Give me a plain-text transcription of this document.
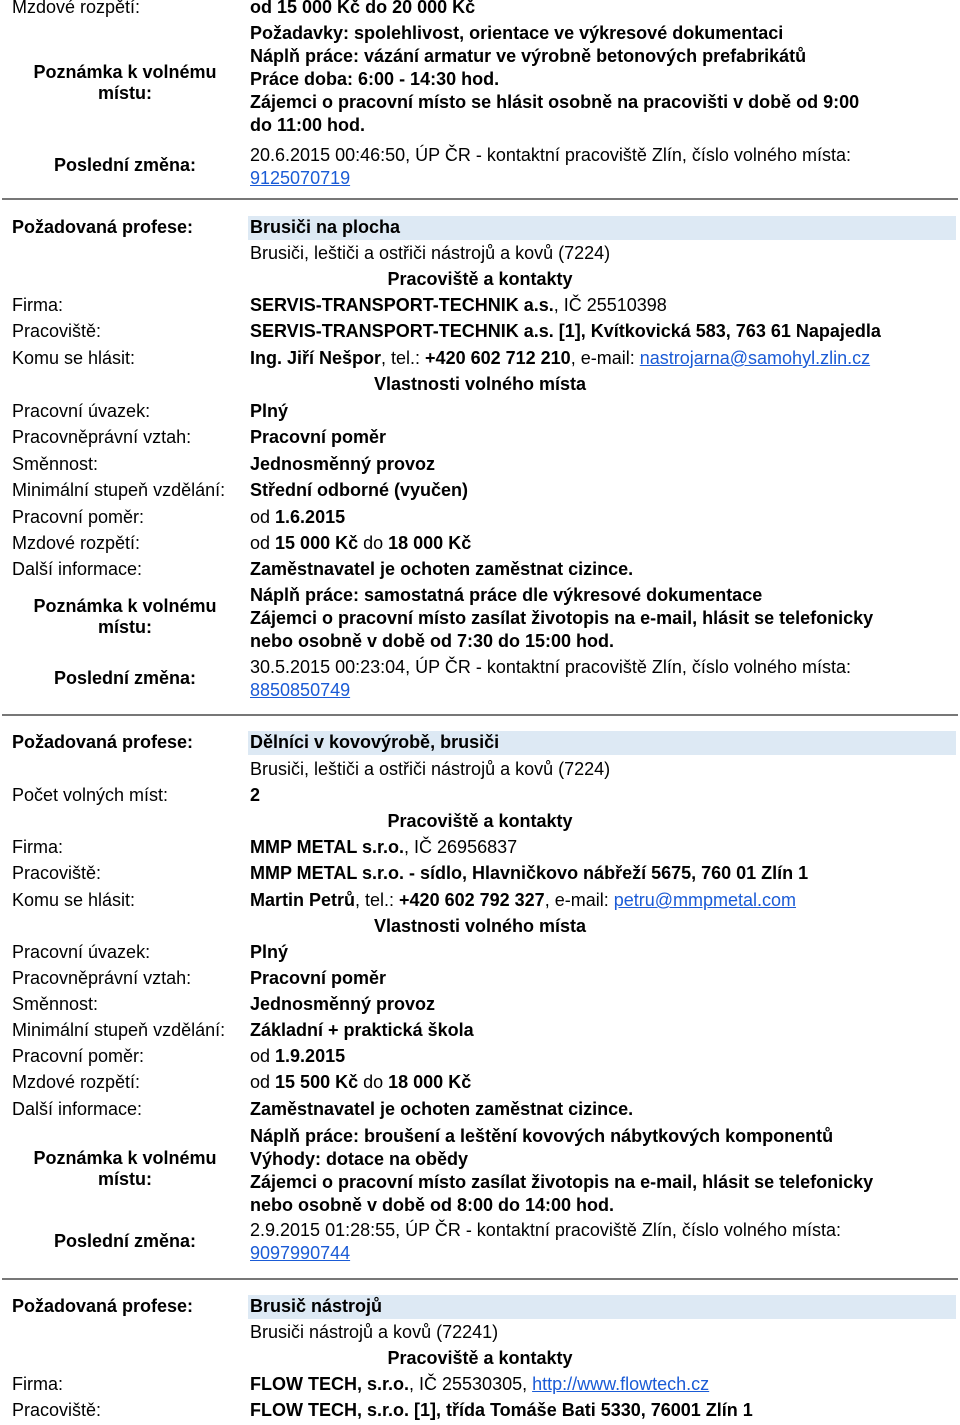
Mzdové rozpětí:	od 15 000 Kč do 20 000 Kč
Poznámka k volnému
místu:
Požadavky: spolehlivost, orientace ve výkresové dokumentaci
Náplň práce: vázání armatur ve výrobně betonových prefabrikátů
Práce doba: 6:00 - 14:30 hod.
Zájemci o pracovní místo se hlásit osobně na pracovišti v době od 9:00
do 11:00 hod.
Poslední změna:	20.6.2015 00:46:50, ÚP ČR - kontaktní pracoviště Zlín, číslo volného místa:
9125070719
Požadovaná profese:	Brusiči na plocha
Brusiči, leštiči a ostřiči nástrojů a kovů (7224)
Pracoviště a kontakty
Firma:	SERVIS-TRANSPORT-TECHNIK a.s., IČ 25510398
Pracoviště:	SERVIS-TRANSPORT-TECHNIK a.s. [1], Kvítkovická 583, 763 61 Napajedla
Komu se hlásit:	Ing. Jiří Nešpor, tel.: +420 602 712 210, e-mail: nastrojarna@samohyl.zlin.cz
Vlastnosti volného místa
Pracovní úvazek:	Plný
Pracovněprávní vztah:	Pracovní poměr
Směnnost:	Jednosměnný provoz
Minimální stupeň vzdělání: Střední odborné (vyučen)
Pracovní poměr:	od 1.6.2015
Mzdové rozpětí:	od 15 000 Kč do 18 000 Kč
Další informace:	Zaměstnavatel je ochoten zaměstnat cizince.
Poznámka k volnému
místu:
Náplň práce: samostatná práce dle výkresové dokumentace
Zájemci o pracovní místo zasílat životopis na e-mail, hlásit se telefonicky
nebo osobně v době od 7:30 do 15:00 hod.
Poslední změna:
30.5.2015 00:23:04, ÚP ČR - kontaktní pracoviště Zlín, číslo volného místa:
8850850749
Požadovaná profese:	Dělníci v kovovýrobě, brusiči
Brusiči, leštiči a ostřiči nástrojů a kovů (7224)
Počet volných míst:	2
Pracoviště a kontakty
Firma:	MMP METAL s.r.o., IČ 26956837
Pracoviště:	MMP METAL s.r.o. - sídlo, Hlavničkovo nábřeží 5675, 760 01 Zlín 1
Komu se hlásit:	Martin Petrů, tel.: +420 602 792 327, e-mail: petru@mmpmetal.com
Vlastnosti volného místa
Pracovní úvazek:	Plný
Pracovněprávní vztah:	Pracovní poměr
Směnnost:	Jednosměnný provoz
Minimální stupeň vzdělání: Základní + praktická škola
Pracovní poměr:	od 1.9.2015
Mzdové rozpětí:	od 15 500 Kč do 18 000 Kč
Další informace:	Zaměstnavatel je ochoten zaměstnat cizince.
Poznámka k volnému
místu:
Náplň práce: broušení a leštění kovových nábytkových komponentů
Výhody: dotace na obědy
Zájemci o pracovní místo zasílat životopis na e-mail, hlásit se telefonicky
nebo osobně v době od 8:00 do 14:00 hod.
Poslední změna:
2.9.2015 01:28:55, ÚP ČR - kontaktní pracoviště Zlín, číslo volného místa:
9097990744
Požadovaná profese:	Brusič nástrojů
Brusiči nástrojů a kovů (72241)
Pracoviště a kontakty
Firma:	FLOW TECH, s.r.o., IČ 25530305, http://www.flowtech.cz
Pracoviště:	FLOW TECH, s.r.o. [1], třída Tomáše Bati 5330, 76001 Zlín 1
